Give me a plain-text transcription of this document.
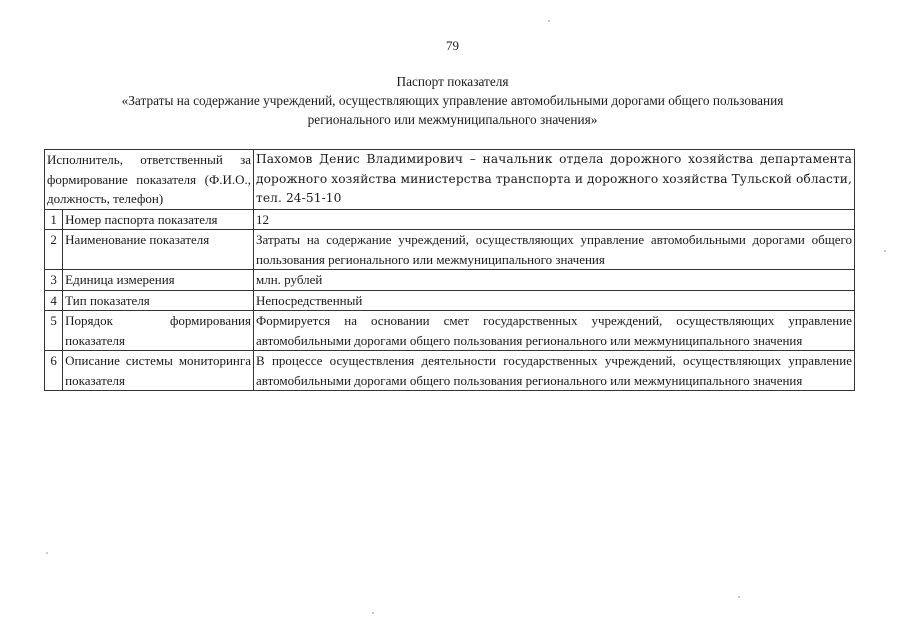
79
Паспорт показателя
«Затраты на содержание учреждений, осуществляющих управление автомобильными дорогами общего пользования
регионального или межмуниципального значения»
Исполнитель, ответственный за формирование показателя (Ф.И.О., должность, телефон)		Пахомов Денис Владимирович – начальник отдела дорожного хозяйства департамента дорожного хозяйства министерства транспорта и дорожного хозяйства Тульской области, тел. 24-51-10
1	Номер паспорта показателя	12
2	Наименование показателя	Затраты на содержание учреждений, осуществляющих управление автомобильными дорогами общего пользования регионального или межмуниципального значения
3	Единица измерения	млн. рублей
4	Тип показателя	Непосредственный
5	Порядок формирования показателя	Формируется на основании смет государственных учреждений, осуществляющих управление автомобильными дорогами общего пользования регионального или межмуниципального значения
6	Описание системы мониторинга показателя	В процессе осуществления деятельности государственных учреждений, осуществляющих управление автомобильными дорогами общего пользования регионального или межмуниципального значения
